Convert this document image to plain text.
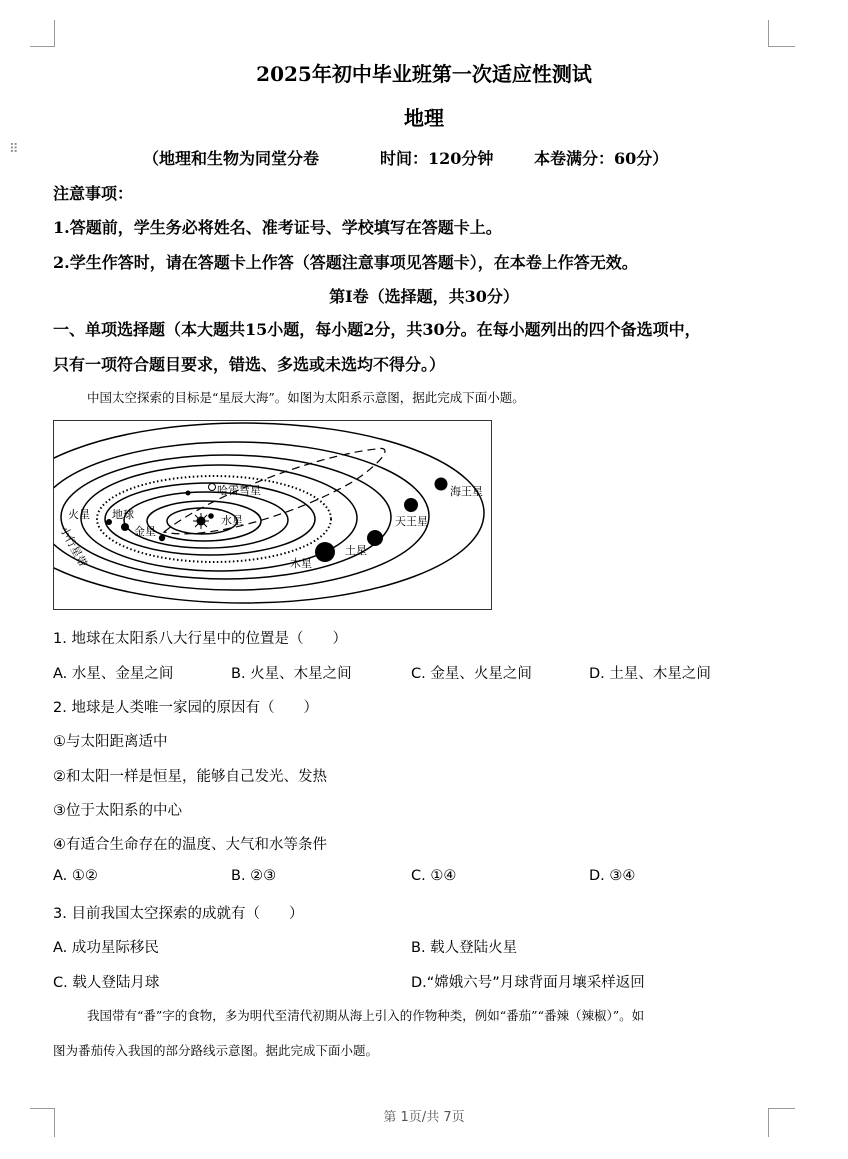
⠿
2025年初中毕业班第一次适应性测试
地理
（地理和生物为同堂分卷	时间：120分钟	本卷满分：60分）
注意事项：
1.答题前，学生务必将姓名、准考证号、学校填写在答题卡上。
2.学生作答时，请在答题卡上作答（答题注意事项见答题卡），在本卷上作答无效。
第Ⅰ卷（选择题，共30分）
一、单项选择题（本大题共15小题，每小题2分，共30分。在每小题列出的四个备选项中，
只有一项符合题目要求，错选、多选或未选均不得分。）
中国太空探索的目标是“星辰大海”。如图为太阳系示意图，据此完成下面小题。
水星
金星
地球
火星
哈雷彗星
木星
土星
天王星
海王星
小行星带
1. 地球在太阳系八大行星中的位置是（　　）
A. 水星、金星之间	B. 火星、木星之间	C. 金星、火星之间	D. 土星、木星之间
2. 地球是人类唯一家园的原因有（　　）
①与太阳距离适中
②和太阳一样是恒星，能够自己发光、发热
③位于太阳系的中心
④有适合生命存在的温度、大气和水等条件
A. ①②	B. ②③	C. ①④	D. ③④
3. 目前我国太空探索的成就有（　　）
A. 成功星际移民	B. 载人登陆火星
C. 载人登陆月球	D.“嫦娥六号”月球背面月壤采样返回
我国带有“番”字的食物，多为明代至清代初期从海上引入的作物种类，例如“番茄”“番辣（辣椒）”。如
图为番茄传入我国的部分路线示意图。据此完成下面小题。
第 1页/共 7页
